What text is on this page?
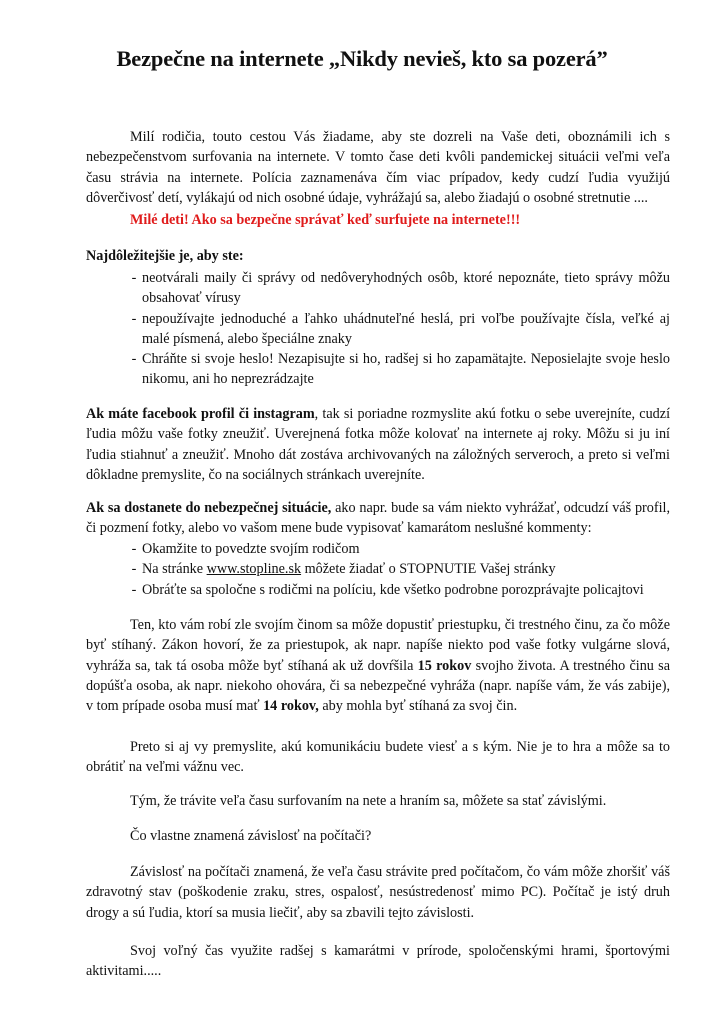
Bezpečne na internete „Nikdy nevieš, kto sa pozerá”

Milí rodičia, touto cestou Vás žiadame, aby ste dozreli na Vaše deti, oboznámili ich s nebezpečenstvom surfovania na internete. V tomto čase deti kvôli pandemickej situácii veľmi veľa času strávia na internete. Polícia zaznamenáva čím viac prípadov, kedy cudzí ľudia využijú dôverčivosť detí, vylákajú od nich osobné údaje, vyhrážajú sa, alebo žiadajú o osobné stretnutie ....

Milé deti! Ako sa bezpečne správať keď surfujete na internete!!!
Najdôležitejšie je, aby ste:
- neotvárali maily či správy od nedôveryhodných osôb, ktoré nepoznáte, tieto správy môžu obsahovať vírusy
- nepoužívajte jednoduché a ľahko uhádnuteľné heslá, pri voľbe používajte čísla, veľké aj malé písmená, alebo špeciálne znaky
- Chráňte si svoje heslo! Nezapisujte si ho, radšej si ho zapamätajte. Neposielajte svoje heslo nikomu, ani ho neprezrádzajte

Ak máte facebook profil či instagram, tak si poriadne rozmyslite akú fotku o sebe uverejníte, cudzí ľudia môžu vaše fotky zneužiť. Uverejnená fotka môže kolovať na internete aj roky. Môžu si ju iní ľudia stiahnuť a zneužiť. Mnoho dát zostáva archivovaných na záložných serveroch, a preto si veľmi dôkladne premyslite, čo na sociálnych stránkach uverejníte.

Ak sa dostanete do nebezpečnej situácie, ako napr. bude sa vám niekto vyhrážať, odcudzí váš profil, či pozmení fotky, alebo vo vašom mene bude vypisovať kamarátom neslušné kommenty:

- Okamžite to povedzte svojím rodičom
- Na stránke www.stopline.sk môžete žiadať o STOPNUTIE Vašej stránky
- Obráťte sa spoločne s rodičmi na políciu, kde všetko podrobne porozprávajte policajtovi

Ten, kto vám robí zle svojím činom sa môže dopustiť priestupku, či trestného činu, za čo môže byť stíhaný. Zákon hovorí, že za priestupok, ak napr. napíše niekto pod vaše fotky vulgárne slová, vyhráža sa, tak tá osoba môže byť stíhaná ak už dovŕšila 15 rokov svojho života. A trestného činu sa dopúšťa osoba, ak napr. niekoho ohovára, či sa nebezpečné vyhráža (napr. napíše vám, že vás zabije), v tom prípade osoba musí mať 14 rokov, aby mohla byť stíhaná za svoj čin.

Preto si aj vy premyslite, akú komunikáciu budete viesť a s kým. Nie je to hra a môže sa to obrátiť na veľmi vážnu vec.

Tým, že trávite veľa času surfovaním na nete a hraním sa, môžete sa stať závislými.

Čo vlastne znamená závislosť na počítači?

Závislosť na počítači znamená, že veľa času strávite pred počítačom, čo vám môže zhoršiť váš zdravotný stav (poškodenie zraku, stres, ospalosť, nesústredenosť mimo PC). Počítač je istý druh drogy a sú ľudia, ktorí sa musia liečiť, aby sa zbavili tejto závislosti.

Svoj voľný čas využite radšej s kamarátmi v prírode, spoločenskými hrami, športovými aktivitami.....
